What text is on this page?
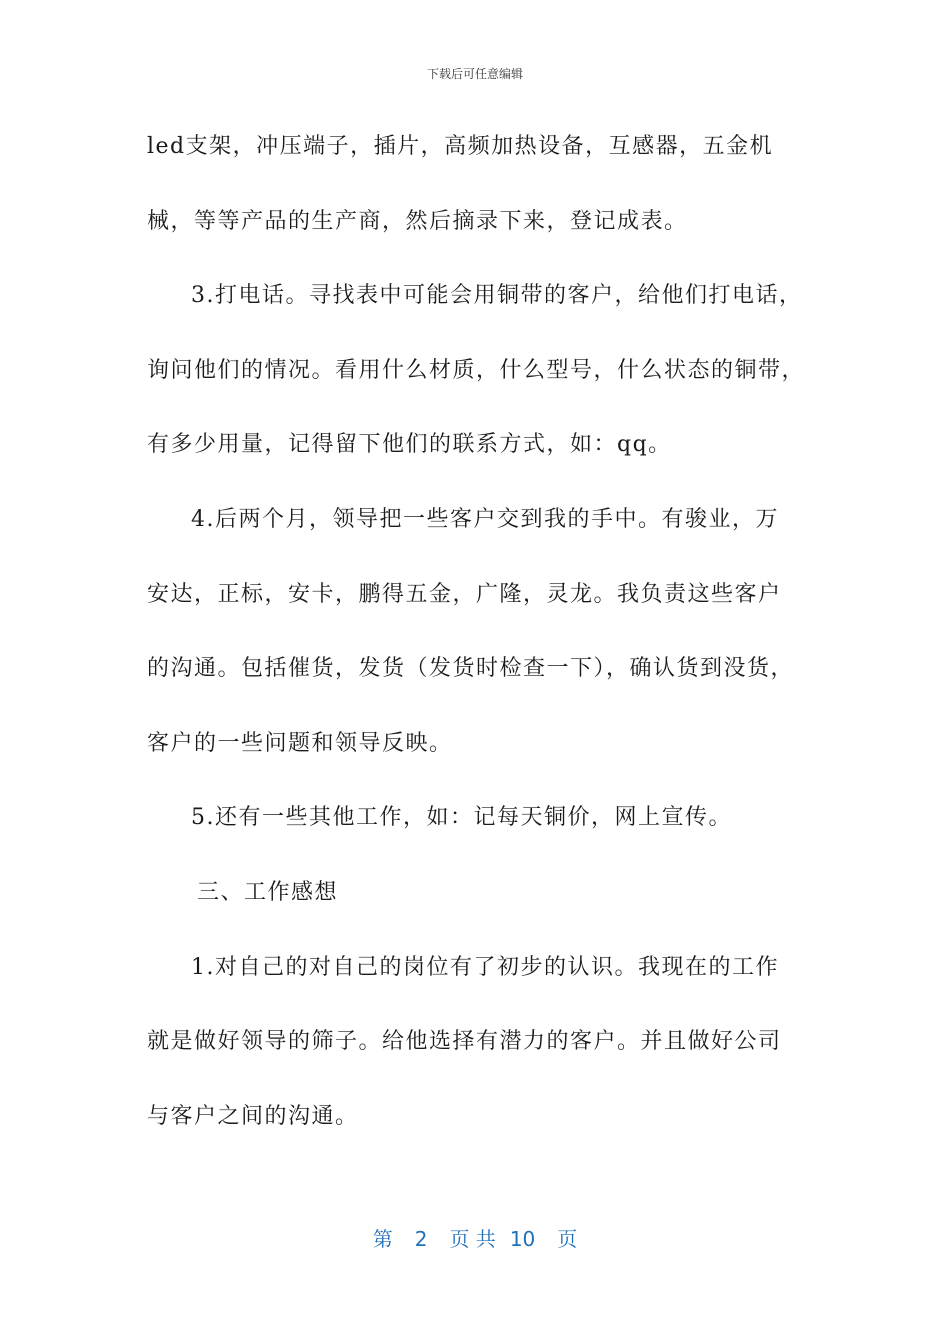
下载后可任意编辑
led支架，冲压端子，插片，高频加热设备，互感器，五金机
械，等等产品的生产商，然后摘录下来，登记成表。
3.打电话。寻找表中可能会用铜带的客户，给他们打电话，
询问他们的情况。看用什么材质，什么型号，什么状态的铜带，
有多少用量，记得留下他们的联系方式，如：qq。
4.后两个月，领导把一些客户交到我的手中。有骏业，万
安达，正标，安卡，鹏得五金，广隆，灵龙。我负责这些客户
的沟通。包括催货，发货（发货时检查一下），确认货到没货，
客户的一些问题和领导反映。
5.还有一些其他工作，如：记每天铜价，网上宣传。
三、工作感想
1.对自己的对自己的岗位有了初步的认识。我现在的工作
就是做好领导的筛子。给他选择有潜力的客户。并且做好公司
与客户之间的沟通。
第 2 页 共 10 页
